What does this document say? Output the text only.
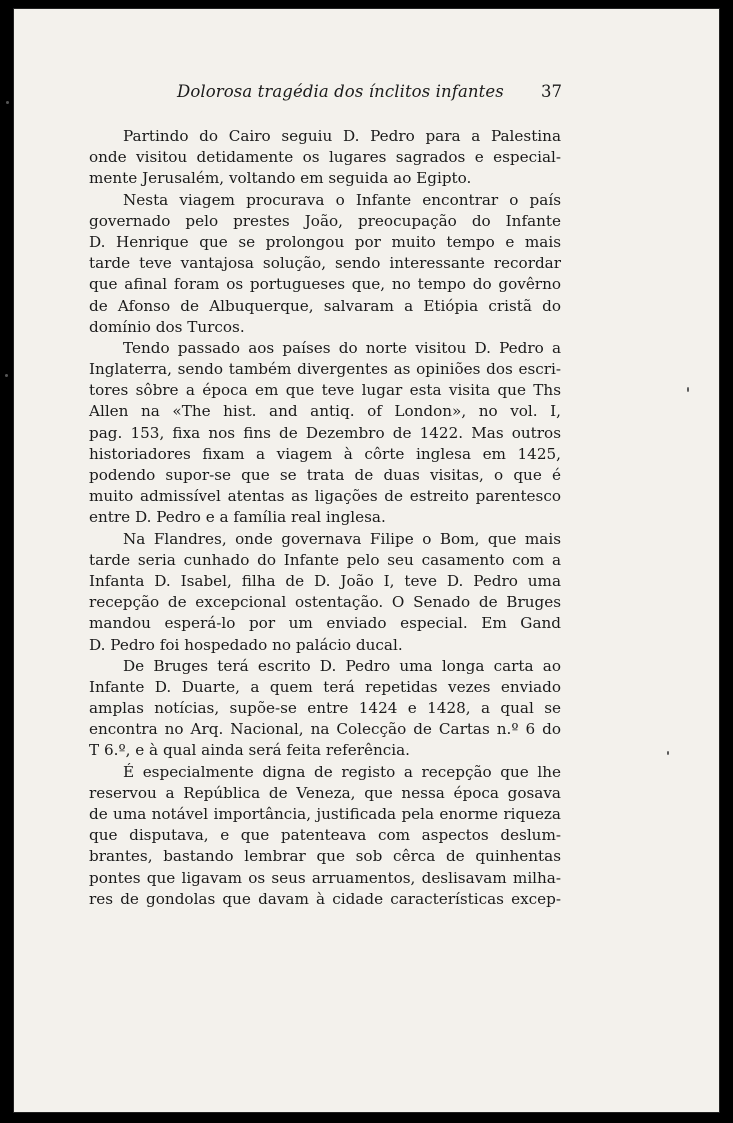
Dolorosa tragédia dos ínclitos infantes 37
Partindo do Cairo seguiu D. Pedro para a Palestina
onde visitou detidamente os lugares sagrados e especial-
mente Jerusalém, voltando em seguida ao Egipto.
Nesta viagem procurava o Infante encontrar o país
governado pelo prestes João, preocupação do Infante
D. Henrique que se prolongou por muito tempo e mais
tarde teve vantajosa solução, sendo interessante recordar
que afinal foram os portugueses que, no tempo do govêrno
de Afonso de Albuquerque, salvaram a Etiópia cristã do
domínio dos Turcos.
Tendo passado aos países do norte visitou D. Pedro a
Inglaterra, sendo também divergentes as opiniões dos escri-
tores sôbre a época em que teve lugar esta visita que Ths
Allen na «The hist. and antiq. of London», no vol. I,
pag. 153, fixa nos fins de Dezembro de 1422. Mas outros
historiadores fixam a viagem à côrte inglesa em 1425,
podendo supor-se que se trata de duas visitas, o que é
muito admissível atentas as ligações de estreito parentesco
entre D. Pedro e a família real inglesa.
Na Flandres, onde governava Filipe o Bom, que mais
tarde seria cunhado do Infante pelo seu casamento com a
Infanta D. Isabel, filha de D. João I, teve D. Pedro uma
recepção de excepcional ostentação. O Senado de Bruges
mandou esperá-lo por um enviado especial. Em Gand
D. Pedro foi hospedado no palácio ducal.
De Bruges terá escrito D. Pedro uma longa carta ao
Infante D. Duarte, a quem terá repetidas vezes enviado
amplas notícias, supõe-se entre 1424 e 1428, a qual se
encontra no Arq. Nacional, na Colecção de Cartas n.º 6 do
T 6.º, e à qual ainda será feita referência.
É especialmente digna de registo a recepção que lhe
reservou a República de Veneza, que nessa época gosava
de uma notável importância, justificada pela enorme riqueza
que disputava, e que patenteava com aspectos deslum-
brantes, bastando lembrar que sob cêrca de quinhentas
pontes que ligavam os seus arruamentos, deslisavam milha-
res de gondolas que davam à cidade características excep-
